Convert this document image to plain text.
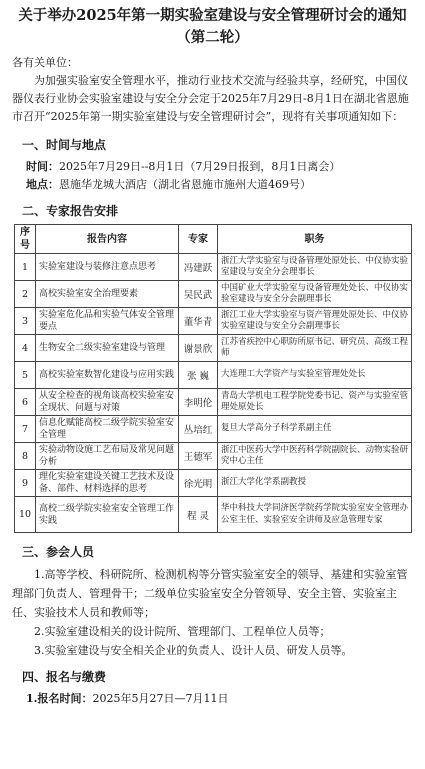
关于举办2025年第一期实验室建设与安全管理研讨会的通知

（第二轮）

各有关单位：

为加强实验室安全管理水平，推动行业技术交流与经验共享，经研究，中国仪器仪表行业协会实验室建设与安全分会定于2025年7月29日-8月1日在湖北省恩施市召开“2025年第一期实验室建设与安全管理研讨会”，现将有关事项通知如下：

一、时间与地点

时间：2025年7月29日--8月1日（7月29日报到，8月1日离会）

地点：恩施华龙城大酒店（湖北省恩施市施州大道469号）

二、专家报告安排
序号	报告内容	专家	职务
1	实验室建设与装修注意点思考	冯建跃	浙江大学实验室与设备管理处原处长、中仪协实验室建设与安全分会理事长
2	高校实验室安全治理要素	吴民武	中国矿业大学实验室与设备管理处处长、中仪协实验室建设与安全分会副理事长
3	实验室危化品和实验气体安全管理要点	董华青	浙江工业大学实验室与资产管理处原处长、中仪协实验室建设与安全分会副理事长
4	生物安全二级实验室建设与管理	谢景欣	江苏省疾控中心职防所原书记、研究员、高级工程师
5	高校实验室数智化建设与应用实践	张 巍	大连理工大学资产与实验室管理处处长
6	从安全检查的视角谈高校实验室安全现状、问题与对策	李明伦	青岛大学机电工程学院党委书记、资产与实验室管理处原处长
7	信息化赋能高校二级学院实验室安全管理	丛培红	复旦大学高分子科学系副主任
8	实验动物设施工艺布局及常见问题分析	王德军	浙江中医药大学中医药科学院副院长、动物实验研究中心主任
9	理化实验室建设关键工艺技术及设备、部件、材料选择的思考	徐光明	浙江大学化学系副教授
10	高校二级学院实验室安全管理工作实践	程 灵	华中科技大学同济医学院药学院实验室安全管理办公室主任、实验室安全讲师及应急管理专家
三、参会人员

1.高等学校、科研院所、检测机构等分管实验室安全的领导、基建和实验室管理部门负责人、管理骨干；二级单位实验室安全分管领导、安全主管、实验室主任、实验技术人员和教师等；

2.实验室建设相关的设计院所、管理部门、工程单位人员等；

3.实验室建设与安全相关企业的负责人、设计人员、研发人员等。

四、报名与缴费

1.报名时间：2025年5月27日—7月11日
